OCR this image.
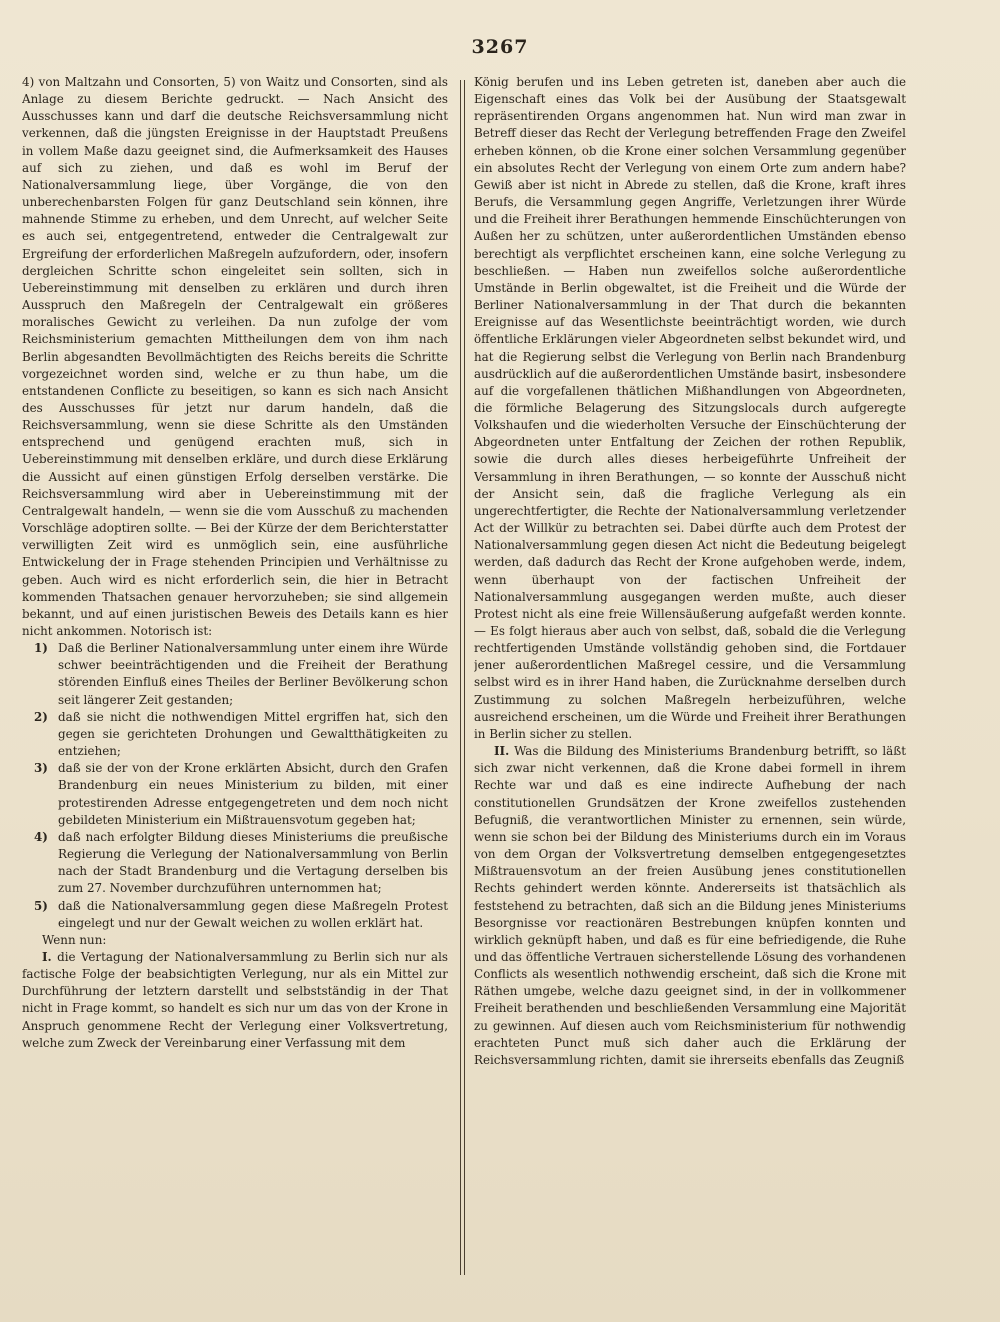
3267

4) von Maltzahn und Consorten, 5) von Waitz und Consorten, sind als Anlage zu diesem Berichte gedruckt. — Nach Ansicht des Ausschusses kann und darf die deutsche Reichsversammlung nicht verkennen, daß die jüngsten Ereignisse in der Hauptstadt Preußens in vollem Maße dazu geeignet sind, die Aufmerksamkeit des Hauses auf sich zu ziehen, und daß es wohl im Beruf der Nationalversammlung liege, über Vorgänge, die von den unberechenbarsten Folgen für ganz Deutschland sein können, ihre mahnende Stimme zu erheben, und dem Unrecht, auf welcher Seite es auch sei, entgegentretend, entweder die Centralgewalt zur Ergreifung der erforderlichen Maßregeln aufzufordern, oder, insofern dergleichen Schritte schon eingeleitet sein sollten, sich in Uebereinstimmung mit denselben zu erklären und durch ihren Ausspruch den Maßregeln der Centralgewalt ein größeres moralisches Gewicht zu verleihen. Da nun zufolge der vom Reichsministerium gemachten Mittheilungen dem von ihm nach Berlin abgesandten Bevollmächtigten des Reichs bereits die Schritte vorgezeichnet worden sind, welche er zu thun habe, um die entstandenen Conflicte zu beseitigen, so kann es sich nach Ansicht des Ausschusses für jetzt nur darum handeln, daß die Reichsversammlung, wenn sie diese Schritte als den Umständen entsprechend und genügend erachten muß, sich in Uebereinstimmung mit denselben erkläre, und durch diese Erklärung die Aussicht auf einen günstigen Erfolg derselben verstärke. Die Reichsversammlung wird aber in Uebereinstimmung mit der Centralgewalt handeln, — wenn sie die vom Ausschuß zu machenden Vorschläge adoptiren sollte. — Bei der Kürze der dem Berichterstatter verwilligten Zeit wird es unmöglich sein, eine ausführliche Entwickelung der in Frage stehenden Principien und Verhältnisse zu geben. Auch wird es nicht erforderlich sein, die hier in Betracht kommenden Thatsachen genauer hervorzuheben; sie sind allgemein bekannt, und auf einen juristischen Beweis des Details kann es hier nicht ankommen. Notorisch ist:

1) Daß die Berliner Nationalversammlung unter einem ihre Würde schwer beeinträchtigenden und die Freiheit der Berathung störenden Einfluß eines Theiles der Berliner Bevölkerung schon seit längerer Zeit gestanden;
2) daß sie nicht die nothwendigen Mittel ergriffen hat, sich den gegen sie gerichteten Drohungen und Gewaltthätigkeiten zu entziehen;
3) daß sie der von der Krone erklärten Absicht, durch den Grafen Brandenburg ein neues Ministerium zu bilden, mit einer protestirenden Adresse entgegengetreten und dem noch nicht gebildeten Ministerium ein Mißtrauensvotum gegeben hat;
4) daß nach erfolgter Bildung dieses Ministeriums die preußische Regierung die Verlegung der Nationalversammlung von Berlin nach der Stadt Brandenburg und die Vertagung derselben bis zum 27. November durchzuführen unternommen hat;
5) daß die Nationalversammlung gegen diese Maßregeln Protest eingelegt und nur der Gewalt weichen zu wollen erklärt hat.

Wenn nun:

I. die Vertagung der Nationalversammlung zu Berlin sich nur als factische Folge der beabsichtigten Verlegung, nur als ein Mittel zur Durchführung der letztern darstellt und selbstständig in der That nicht in Frage kommt, so handelt es sich nur um das von der Krone in Anspruch genommene Recht der Verlegung einer Volksvertretung, welche zum Zweck der Vereinbarung einer Verfassung mit dem

König berufen und ins Leben getreten ist, daneben aber auch die Eigenschaft eines das Volk bei der Ausübung der Staatsgewalt repräsentirenden Organs angenommen hat. Nun wird man zwar in Betreff dieser das Recht der Verlegung betreffenden Frage den Zweifel erheben können, ob die Krone einer solchen Versammlung gegenüber ein absolutes Recht der Verlegung von einem Orte zum andern habe? Gewiß aber ist nicht in Abrede zu stellen, daß die Krone, kraft ihres Berufs, die Versammlung gegen Angriffe, Verletzungen ihrer Würde und die Freiheit ihrer Berathungen hemmende Einschüchterungen von Außen her zu schützen, unter außerordentlichen Umständen ebenso berechtigt als verpflichtet erscheinen kann, eine solche Verlegung zu beschließen. — Haben nun zweifellos solche außerordentliche Umstände in Berlin obgewaltet, ist die Freiheit und die Würde der Berliner Nationalversammlung in der That durch die bekannten Ereignisse auf das Wesentlichste beeinträchtigt worden, wie durch öffentliche Erklärungen vieler Abgeordneten selbst bekundet wird, und hat die Regierung selbst die Verlegung von Berlin nach Brandenburg ausdrücklich auf die außerordentlichen Umstände basirt, insbesondere auf die vorgefallenen thätlichen Mißhandlungen von Abgeordneten, die förmliche Belagerung des Sitzungslocals durch aufgeregte Volkshaufen und die wiederholten Versuche der Einschüchterung der Abgeordneten unter Entfaltung der Zeichen der rothen Republik, sowie die durch alles dieses herbeigeführte Unfreiheit der Versammlung in ihren Berathungen, — so konnte der Ausschuß nicht der Ansicht sein, daß die fragliche Verlegung als ein ungerechtfertigter, die Rechte der Nationalversammlung verletzender Act der Willkür zu betrachten sei. Dabei dürfte auch dem Protest der Nationalversammlung gegen diesen Act nicht die Bedeutung beigelegt werden, daß dadurch das Recht der Krone aufgehoben werde, indem, wenn überhaupt von der factischen Unfreiheit der Nationalversammlung ausgegangen werden mußte, auch dieser Protest nicht als eine freie Willensäußerung aufgefaßt werden konnte. — Es folgt hieraus aber auch von selbst, daß, sobald die die Verlegung rechtfertigenden Umstände vollständig gehoben sind, die Fortdauer jener außerordentlichen Maßregel cessire, und die Versammlung selbst wird es in ihrer Hand haben, die Zurücknahme derselben durch Zustimmung zu solchen Maßregeln herbeizuführen, welche ausreichend erscheinen, um die Würde und Freiheit ihrer Berathungen in Berlin sicher zu stellen.

II. Was die Bildung des Ministeriums Brandenburg betrifft, so läßt sich zwar nicht verkennen, daß die Krone dabei formell in ihrem Rechte war und daß es eine indirecte Aufhebung der nach constitutionellen Grundsätzen der Krone zweifellos zustehenden Befugniß, die verantwortlichen Minister zu ernennen, sein würde, wenn sie schon bei der Bildung des Ministeriums durch ein im Voraus von dem Organ der Volksvertretung demselben entgegengesetztes Mißtrauensvotum an der freien Ausübung jenes constitutionellen Rechts gehindert werden könnte. Andererseits ist thatsächlich als feststehend zu betrachten, daß sich an die Bildung jenes Ministeriums Besorgnisse vor reactionären Bestrebungen knüpfen konnten und wirklich geknüpft haben, und daß es für eine befriedigende, die Ruhe und das öffentliche Vertrauen sicherstellende Lösung des vorhandenen Conflicts als wesentlich nothwendig erscheint, daß sich die Krone mit Räthen umgebe, welche dazu geeignet sind, in der in vollkommener Freiheit berathenden und beschließenden Versammlung eine Majorität zu gewinnen. Auf diesen auch vom Reichsministerium für nothwendig erachteten Punct muß sich daher auch die Erklärung der Reichsversammlung richten, damit sie ihrerseits ebenfalls das Zeugniß
